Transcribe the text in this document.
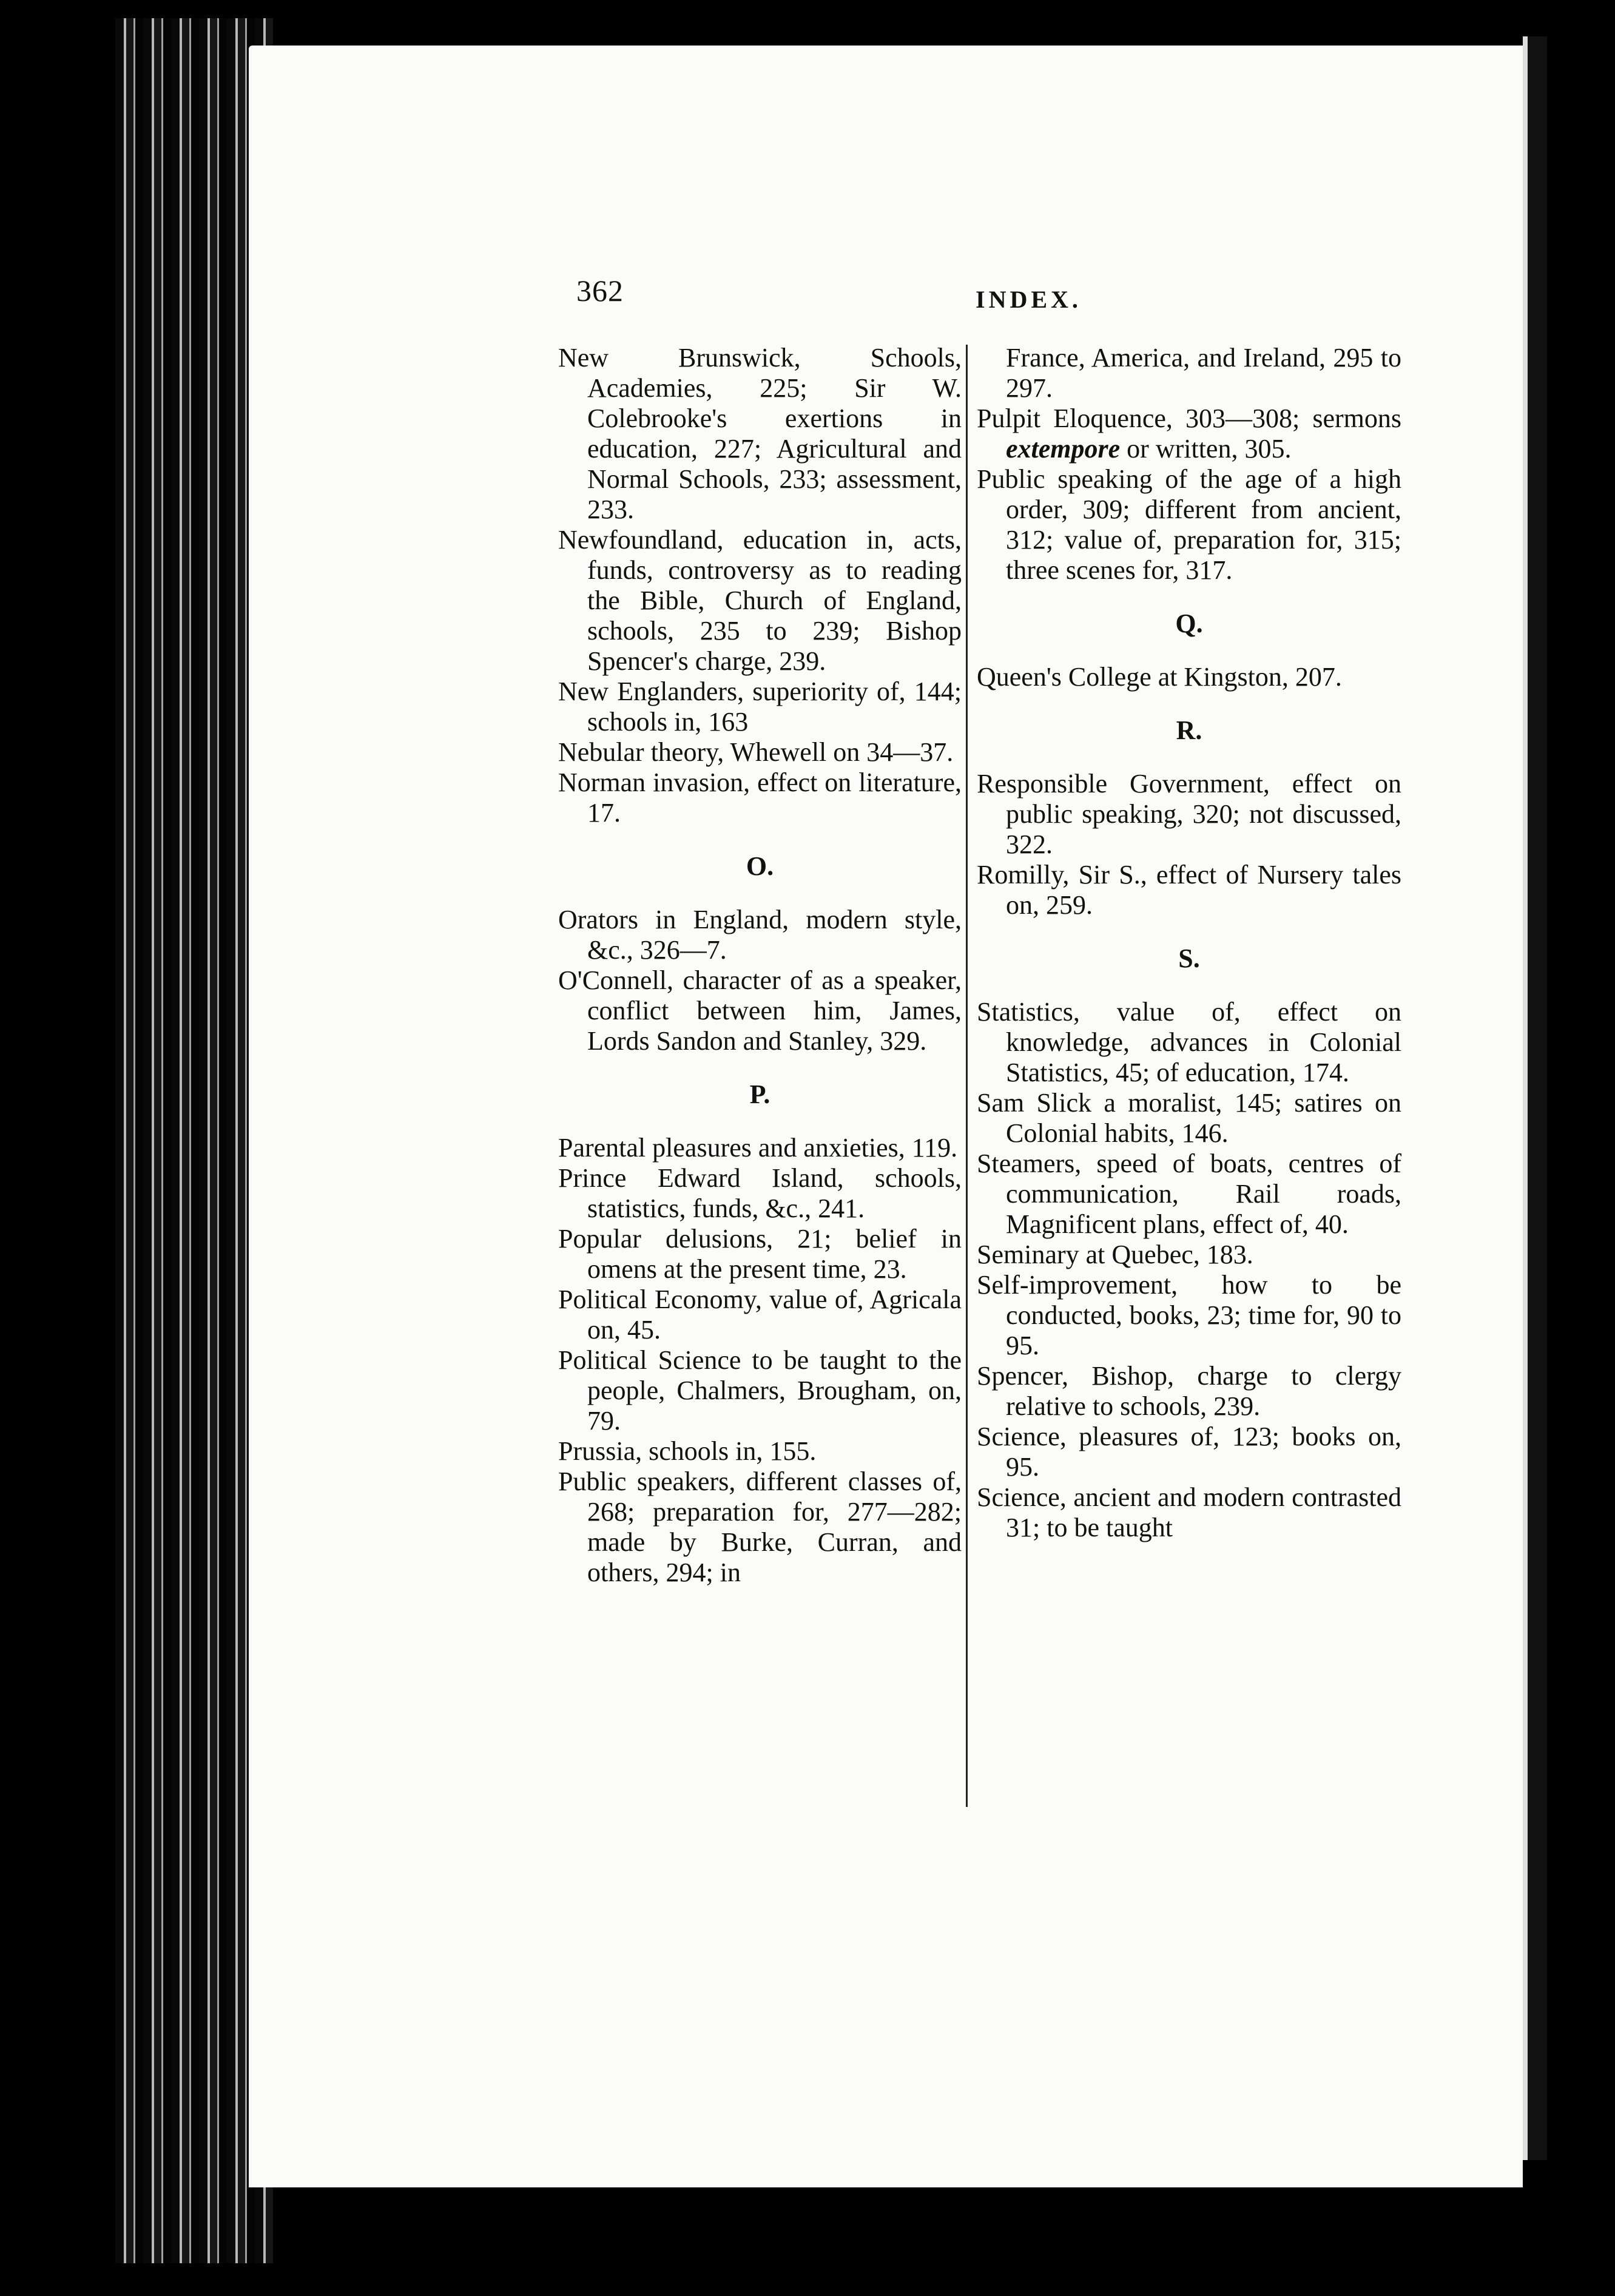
362	INDEX.
New Brunswick, Schools, Academies, 225; Sir W. Colebrooke's exertions in education, 227; Agricultural and Normal Schools, 233; assessment, 233.
Newfoundland, education in, acts, funds, controversy as to reading the Bible, Church of England, schools, 235 to 239; Bishop Spencer's charge, 239.
New Englanders, superiority of, 144; schools in, 163
Nebular theory, Whewell on 34—37.
Norman invasion, effect on literature, 17.
O.
Orators in England, modern style, &c., 326—7.
O'Connell, character of as a speaker, conflict between him, James, Lords Sandon and Stanley, 329.
P.
Parental pleasures and anxieties, 119.
Prince Edward Island, schools, statistics, funds, &c., 241.
Popular delusions, 21; belief in omens at the present time, 23.
Political Economy, value of, Agricala on, 45.
Political Science to be taught to the people, Chalmers, Brougham, on, 79.
Prussia, schools in, 155.
Public speakers, different classes of, 268; preparation for, 277—282; made by Burke, Curran, and others, 294; in
France, America, and Ireland, 295 to 297.
Pulpit Eloquence, 303—308; sermons extempore or written, 305.
Public speaking of the age of a high order, 309; different from ancient, 312; value of, preparation for, 315; three scenes for, 317.
Q.
Queen's College at Kingston, 207.
R.
Responsible Government, effect on public speaking, 320; not discussed, 322.
Romilly, Sir S., effect of Nursery tales on, 259.
S.
Statistics, value of, effect on knowledge, advances in Colonial Statistics, 45; of education, 174.
Sam Slick a moralist, 145; satires on Colonial habits, 146.
Steamers, speed of boats, centres of communication, Rail roads, Magnificent plans, effect of, 40.
Seminary at Quebec, 183.
Self-improvement, how to be conducted, books, 23; time for, 90 to 95.
Spencer, Bishop, charge to clergy relative to schools, 239.
Science, pleasures of, 123; books on, 95.
Science, ancient and modern contrasted 31; to be taught
